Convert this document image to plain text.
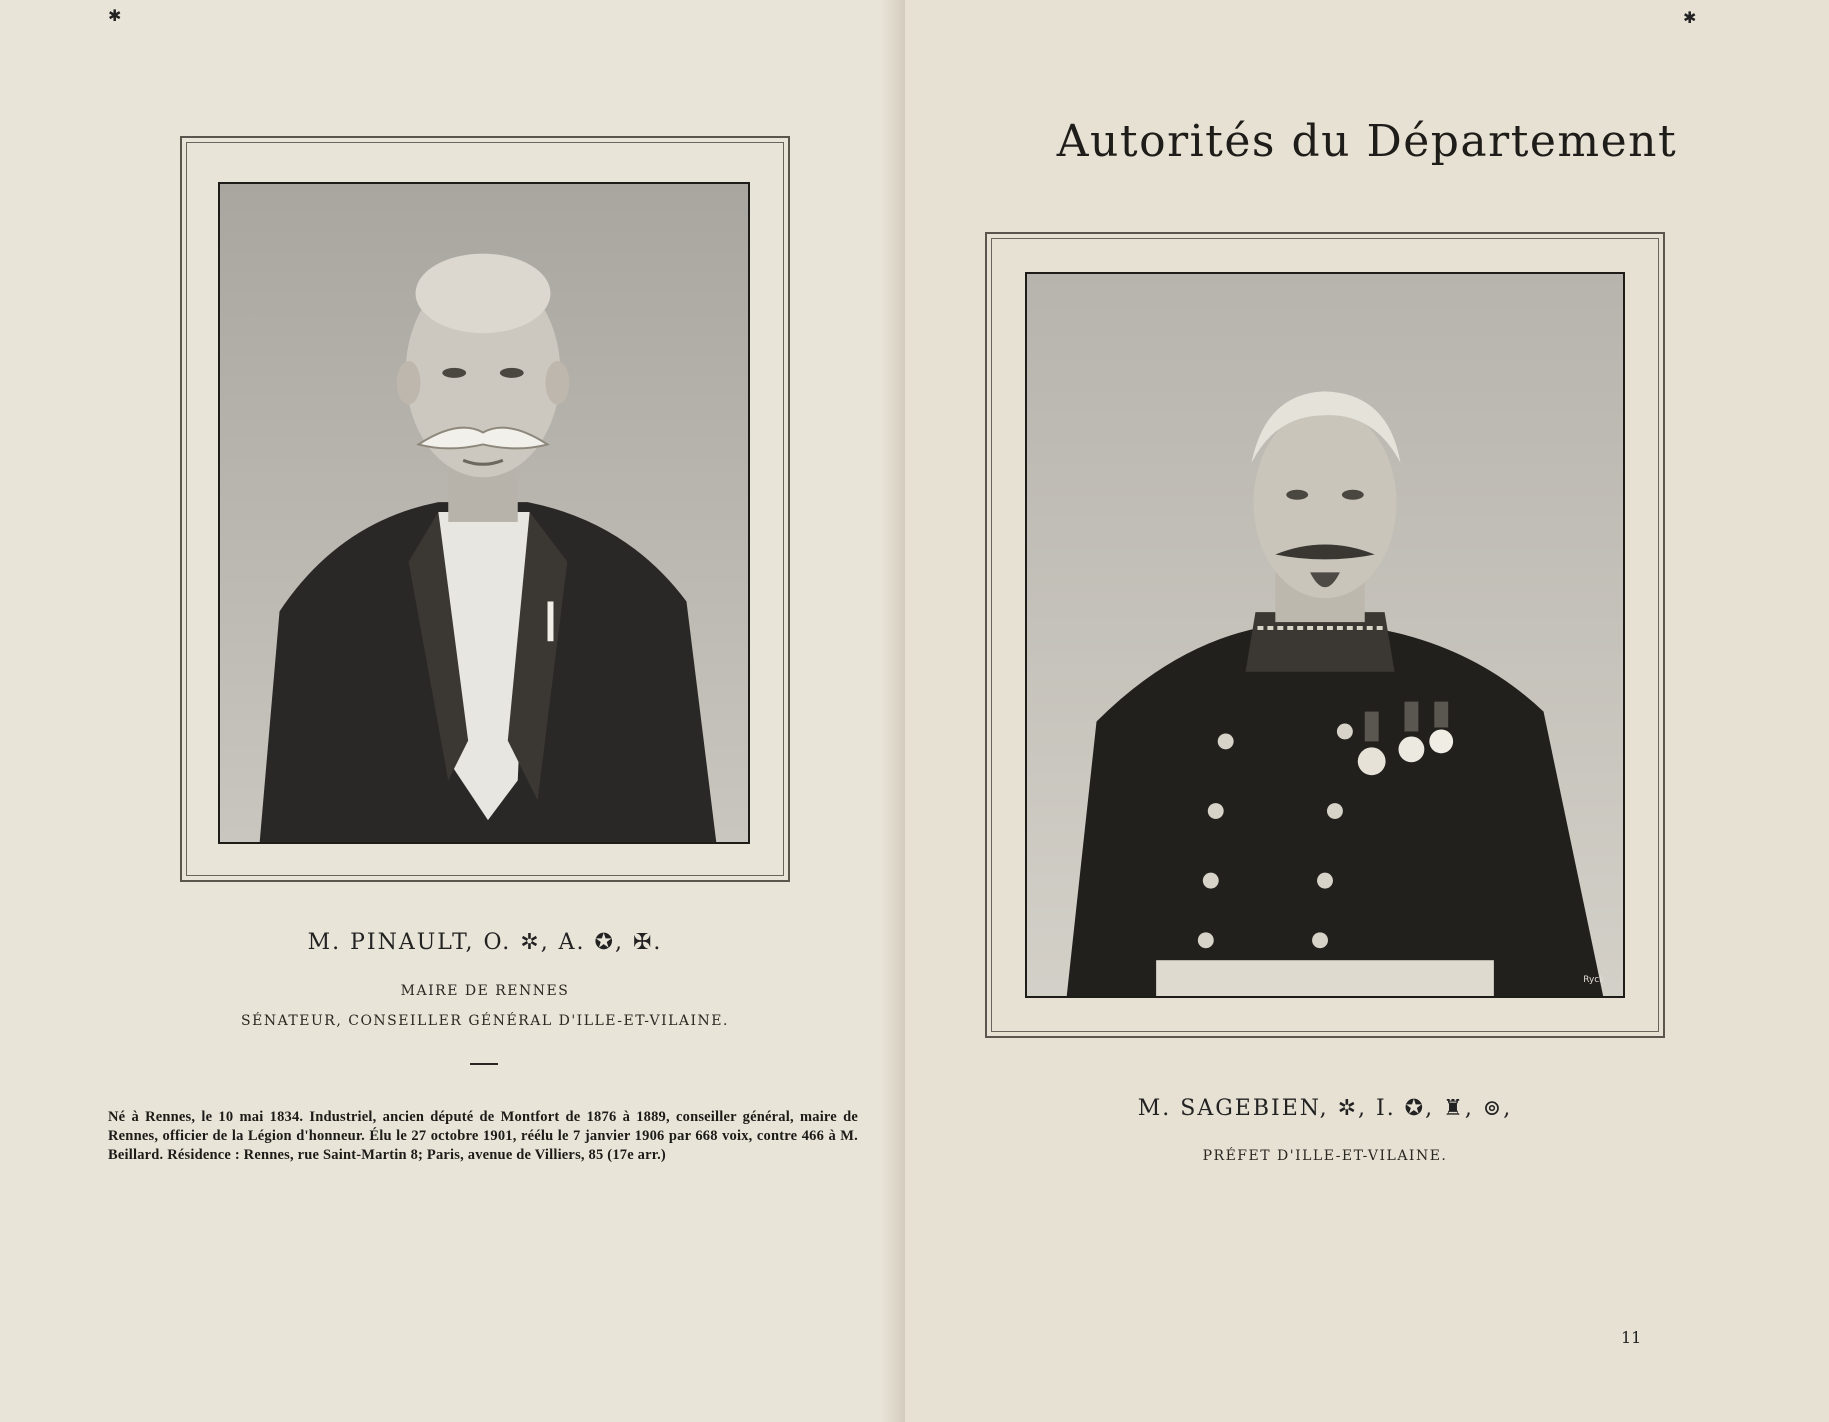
✱
M. PINAULT, O. ✲, A. ✪, ✠.
MAIRE DE RENNES
SÉNATEUR, CONSEILLER GÉNÉRAL D'ILLE-ET-VILAINE.
Né à Rennes, le 10 mai 1834. Industriel, ancien député de Montfort de 1876 à 1889, conseiller général, maire de Rennes, officier de la Légion d'honneur. Élu le 27 octobre 1901, réélu le 7 janvier 1906 par 668 voix, contre 466 à M. Beillard. Résidence : Rennes, rue Saint-Martin 8; Paris, avenue de Villiers, 85 (17e arr.)
✱
Autorités du Département
Ryck
M. SAGEBIEN, ✲, I. ✪, ♜, ⊚,
PRÉFET D'ILLE-ET-VILAINE.
11
